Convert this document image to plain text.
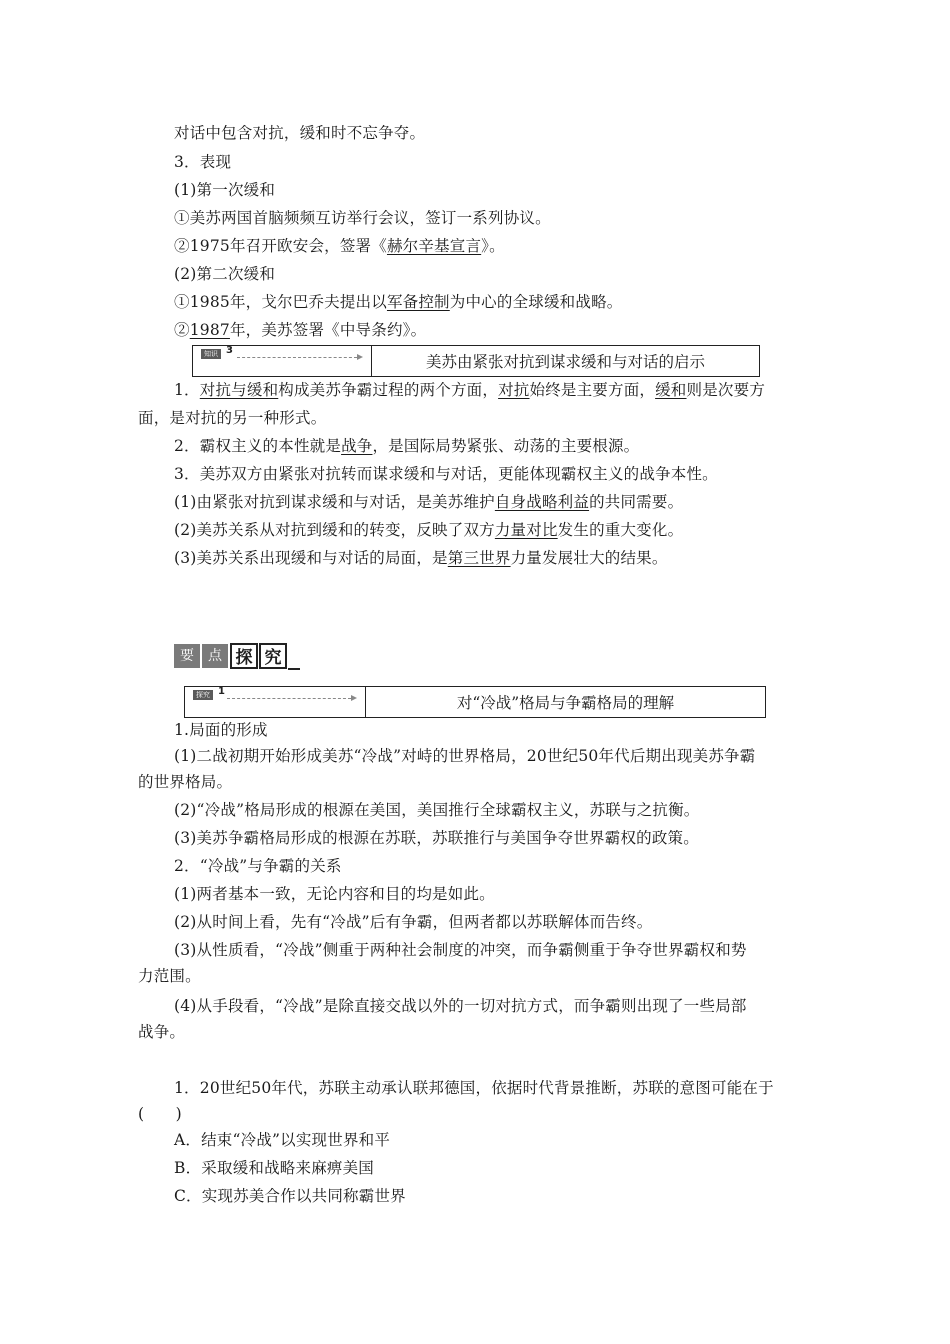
对话中包含对抗，缓和时不忘争夺。
3．表现
(1)第一次缓和
①美苏两国首脑频频互访举行会议，签订一系列协议。
②1975年召开欧安会，签署《赫尔辛基宣言》。
(2)第二次缓和
①1985年，戈尔巴乔夫提出以军备控制为中心的全球缓和战略。
②1987年，美苏签署《中导条约》。
知识 3
美苏由紧张对抗到谋求缓和与对话的启示
1．对抗与缓和构成美苏争霸过程的两个方面，对抗始终是主要方面，缓和则是次要方
面，是对抗的另一种形式。
2．霸权主义的本性就是战争，是国际局势紧张、动荡的主要根源。
3．美苏双方由紧张对抗转而谋求缓和与对话，更能体现霸权主义的战争本性。
(1)由紧张对抗到谋求缓和与对话，是美苏维护自身战略利益的共同需要。
(2)美苏关系从对抗到缓和的转变，反映了双方力量对比发生的重大变化。
(3)美苏关系出现缓和与对话的局面，是第三世界力量发展壮大的结果。
要	点 探 究
探究 1
对“冷战”格局与争霸格局的理解
1.局面的形成
(1)二战初期开始形成美苏“冷战”对峙的世界格局，20世纪50年代后期出现美苏争霸
的世界格局。
(2)“冷战”格局形成的根源在美国，美国推行全球霸权主义，苏联与之抗衡。
(3)美苏争霸格局形成的根源在苏联，苏联推行与美国争夺世界霸权的政策。
2．“冷战”与争霸的关系
(1)两者基本一致，无论内容和目的均是如此。
(2)从时间上看，先有“冷战”后有争霸，但两者都以苏联解体而告终。
(3)从性质看，“冷战”侧重于两种社会制度的冲突，而争霸侧重于争夺世界霸权和势
力范围。
(4)从手段看，“冷战”是除直接交战以外的一切对抗方式，而争霸则出现了一些局部
战争。
1．20世纪50年代，苏联主动承认联邦德国，依据时代背景推断，苏联的意图可能在于
(　　)
A．结束“冷战”以实现世界和平
B．采取缓和战略来麻痹美国
C．实现苏美合作以共同称霸世界
